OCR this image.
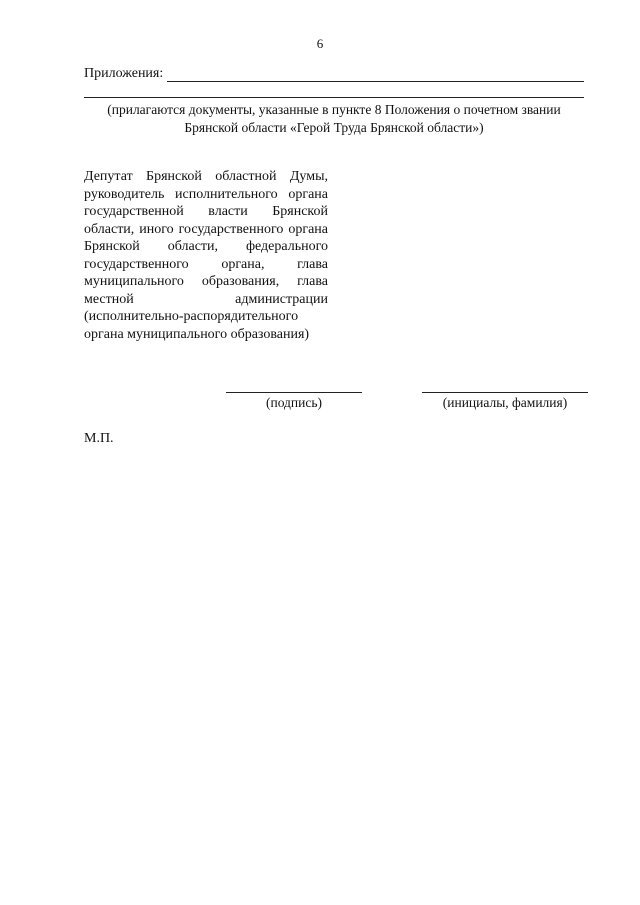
6
Приложения:
(прилагаются документы, указанные в пункте 8 Положения о почетном звании Брянской области «Герой Труда Брянской области»)
Депутат Брянской областной Думы, руководитель исполнительного органа государственной власти Брянской области, иного государственного органа Брянской области, федерального государственного органа, глава муниципального образования, глава местной администрации (исполнительно-распорядительного органа муниципального образования)
(подпись)	(инициалы, фамилия)
М.П.
